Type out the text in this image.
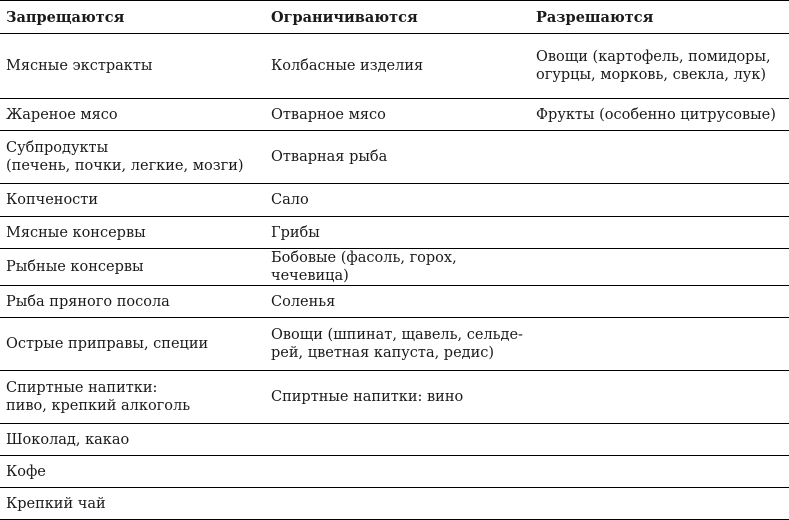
Запрещаются	Ограничиваются	Разрешаются
Мясные экстракты	Колбасные изделия	Овощи (картофель, помидоры,
огурцы, морковь, свекла, лук)
Жареное мясо	Отварное мясо	Фрукты (особенно цитрусовые)
Субпродукты
(печень, почки, легкие, мозги)	Отварная рыба	
Копчености	Сало	
Мясные консервы	Грибы	
Рыбные консервы	Бобовые (фасоль, горох, чечевица)	
Рыба пряного посола	Соленья	
Острые приправы, специи	Овощи (шпинат, щавель, сельде-
рей, цветная капуста, редис)	
Спиртные напитки:
пиво, крепкий алкоголь	Спиртные напитки: вино	
Шоколад, какао		
Кофе		
Крепкий чай		
